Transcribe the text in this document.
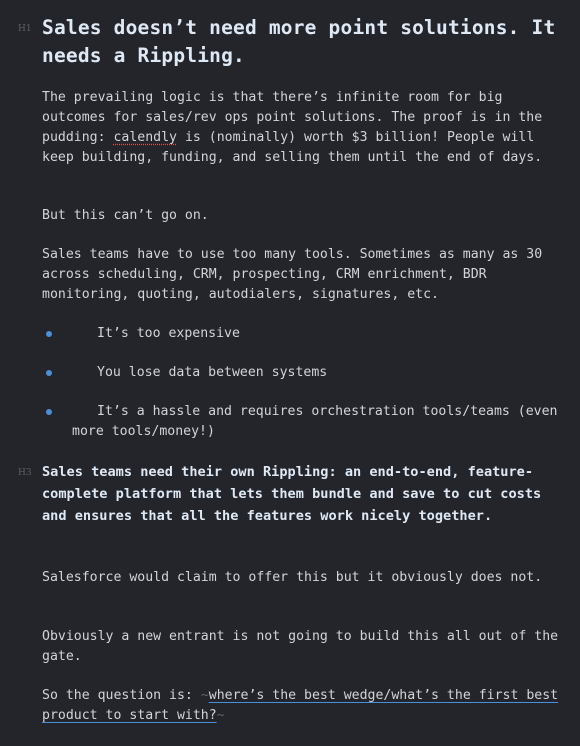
H1 Sales doesn’t need more point solutions. It needs a Rippling.

The prevailing logic is that there’s infinite room for big outcomes for sales/rev ops point solutions. The proof is in the pudding: calendly is (nominally) worth $3 billion! People will keep building, funding, and selling them until the end of days.

But this can’t go on.

Sales teams have to use too many tools. Sometimes as many as 30 across scheduling, CRM, prospecting, CRM enrichment, BDR monitoring, quoting, autodialers, signatures, etc.

It’s too expensive

You lose data between systems

It’s a hassle and requires orchestration tools/teams (even more tools/money!)

H3 Sales teams need their own Rippling: an end-to-end, feature-complete platform that lets them bundle and save to cut costs and ensures that all the features work nicely together.

Salesforce would claim to offer this but it obviously does not.

Obviously a new entrant is not going to build this all out of the gate.

So the question is: ~where’s the best wedge/what’s the first best product to start with?~
